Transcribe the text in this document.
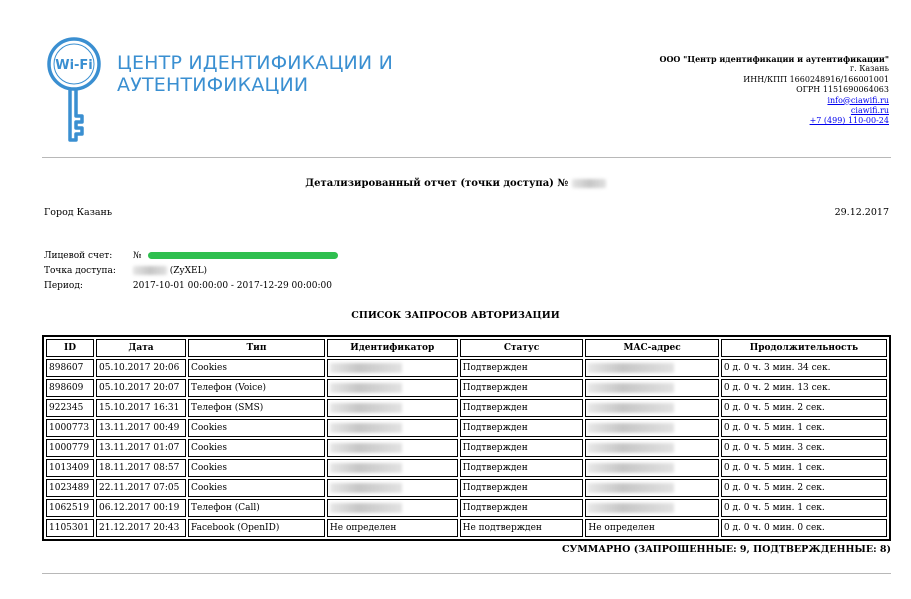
Wi-Fi ЦЕНТР ИДЕНТИФИКАЦИИ И
АУТЕНТИФИКАЦИИ
ООО "Центр идентификации и аутентификации"
г. Казань
ИНН/КПП 1660248916/166001001
ОГРН 1151690064063
info@ciawifi.ru
ciawifi.ru
+7 (499) 110-00-24
Детализированный отчет (точки доступа) №
Город Казань	29.12.2017
Лицевой счет: №
Точка доступа:	(ZyXEL)
Период:	2017-10-01 00:00:00 - 2017-12-29 00:00:00
СПИСОК ЗАПРОСОВ АВТОРИЗАЦИИ
ID	Дата	Тип	Идентификатор	Статус	MAC-адрес	Продолжительность
898607	05.10.2017 20:06	Cookies		Подтвержден		0 д. 0 ч. 3 мин. 34 сек.
898609	05.10.2017 20:07	Телефон (Voice)		Подтвержден		0 д. 0 ч. 2 мин. 13 сек.
922345	15.10.2017 16:31	Телефон (SMS)		Подтвержден		0 д. 0 ч. 5 мин. 2 сек.
1000773	13.11.2017 00:49	Cookies		Подтвержден		0 д. 0 ч. 5 мин. 1 сек.
1000779	13.11.2017 01:07	Cookies		Подтвержден		0 д. 0 ч. 5 мин. 3 сек.
1013409	18.11.2017 08:57	Cookies		Подтвержден		0 д. 0 ч. 5 мин. 1 сек.
1023489	22.11.2017 07:05	Cookies		Подтвержден		0 д. 0 ч. 5 мин. 2 сек.
1062519	06.12.2017 00:19	Телефон (Call)		Подтвержден		0 д. 0 ч. 5 мин. 1 сек.
1105301	21.12.2017 20:43	Facebook (OpenID)	Не определен	Не подтвержден	Не определен	0 д. 0 ч. 0 мин. 0 сек.
СУММАРНО (ЗАПРОШЕННЫЕ: 9, ПОДТВЕРЖДЕННЫЕ: 8)
